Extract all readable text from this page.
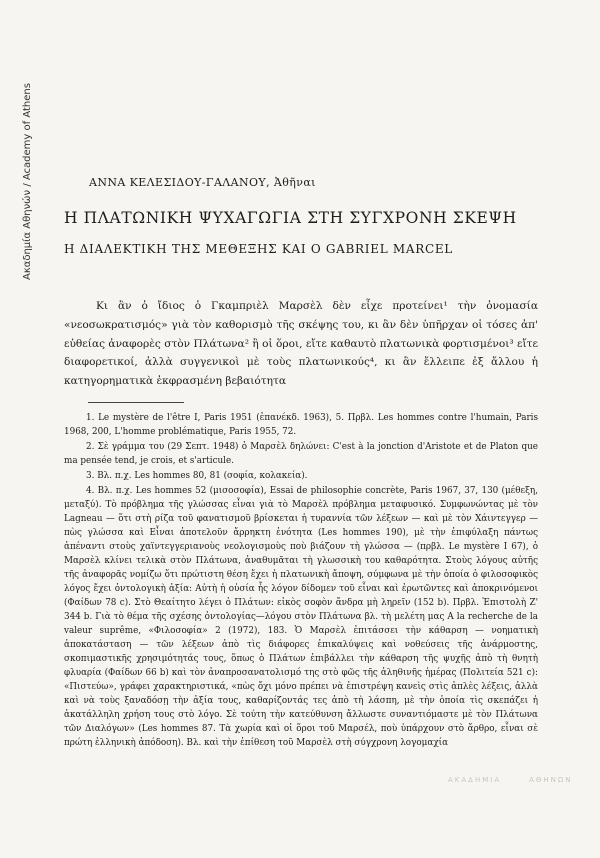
Ακαδημία Αθηνών / Academy of Athens	ΑΝΝΑ ΚΕΛΕΣΙΔΟΥ-ΓΑΛΑΝΟΥ, Ἀθῆναι
Η ΠΛΑΤΩΝΙΚΗ ΨΥΧΑΓΩΓΙΑ ΣΤΗ ΣΥΓΧΡΟΝΗ ΣΚΕΨΗ
Η ΔΙΑΛΕΚΤΙΚΗ ΤΗΣ ΜΕΘΕΞΗΣ ΚΑΙ Ο GABRIEL MARCEL

Κι ἂν ὁ ἴδιος ὁ Γκαμπριὲλ Μαρσὲλ δὲν εἶχε προτείνει¹ τὴν ὀνομασία «νεοσωκρατισμός» γιὰ τὸν καθορισμὸ τῆς σκέψης του, κι ἂν δὲν ὑπῆρχαν οἱ τόσες ἀπ' εὐθείας ἀναφορὲς στὸν Πλάτωνα² ἢ οἱ ὅροι, εἴτε καθαυτὸ πλατωνικὰ φορτισμένοι³ εἴτε διαφορετικοί, ἀλλὰ συγγενικοὶ μὲ τοὺς πλατωνικούς⁴, κι ἂν ἔλλειπε ἐξ ἄλλου ἡ κατηγορηματικὰ ἐκφρασμένη βεβαιότητα

1. Le mystère de l'être I, Paris 1951 (ἐπανέκδ. 1963), 5. Πρβλ. Les hommes contre l'humain, Paris 1968, 200, L'homme problématique, Paris 1955, 72.

2. Σὲ γράμμα του (29 Σεπτ. 1948) ὁ Μαρσὲλ δηλώνει: C'est à la jonction d'Aristote et de Platon que ma pensée tend, je crois, et s'articule.

3. Βλ. π.χ. Les hommes 80, 81 (σοφία, κολακεία).

4. Βλ. π.χ. Les hommes 52 (μισοσοφία), Essai de philosophie concrète, Paris 1967, 37, 130 (μέθεξη, μεταξύ). Τὸ πρόβλημα τῆς γλώσσας εἶναι γιὰ τὸ Μαρσὲλ πρόβλημα μεταφυσικό. Συμφωνώντας μὲ τὸν Lagneau — ὅτι στὴ ρίζα τοῦ φανατισμοῦ βρίσκεται ἡ τυραννία τῶν λέξεων — καὶ μὲ τὸν Χάιντεγγερ — πὼς γλώσσα καὶ Εἶναι ἀποτελοῦν ἄρρηκτη ἑνότητα (Les hommes 190), μὲ τὴν ἐπιφύλαξη πάντως ἀπέναντι στοὺς χαϊντεγγεριανοὺς νεολογισμοὺς ποὺ βιάζουν τὴ γλώσσα — (πρβλ. Le mystère I 67), ὁ Μαρσὲλ κλίνει τελικὰ στὸν Πλάτωνα, ἀναθυμᾶται τὴ γλωσσικὴ του καθαρότητα. Στοὺς λόγους αὐτῆς τῆς ἀναφορᾶς νομίζω ὅτι πρώτιστη θέση ἔχει ἡ πλατωνικὴ ἄποψη, σύμφωνα μὲ τὴν ὁποία ὁ φιλοσοφικὸς λόγος ἔχει ὀντολογικὴ ἀξία: Αὐτὴ ἡ οὐσία ἧς λόγον δίδομεν τοῦ εἶναι καὶ ἐρωτῶντες καὶ ἀποκρινόμενοι (Φαίδων 78 c). Στὸ Θεαίτητο λέγει ὁ Πλάτων: εἰκὸς σοφὸν ἄνδρα μὴ ληρεῖν (152 b). Πρβλ. Ἐπιστολὴ Ζ' 344 b. Γιὰ τὸ θέμα τῆς σχέσης ὀντολογίας—λόγου στὸν Πλάτωνα βλ. τὴ μελέτη μας A la recherche de la valeur suprême, «Φιλοσοφία» 2 (1972), 183. Ὁ Μαρσὲλ ἐπιτάσσει τὴν κάθαρση — νοηματικὴ ἀποκατάσταση — τῶν λέξεων ἀπὸ τὶς διάφορες ἐπικαλύψεις καὶ νοθεύσεις τῆς ἀνάρμοστης, σκοπιμαστικῆς χρησιμότητάς τους, ὅπως ὁ Πλάτων ἐπιβάλλει τὴν κάθαρση τῆς ψυχῆς ἀπὸ τὴ θνητὴ φλυαρία (Φαίδων 66 b) καὶ τὸν ἀναπροσανατολισμό της στὸ φῶς τῆς ἀληθινῆς ἡμέρας (Πολιτεία 521 c): «Πιστεύω», γράφει χαρακτηριστικά, «πὼς ὄχι μόνο πρέπει νὰ ἐπιστρέψη κανεὶς στὶς ἁπλὲς λέξεις, ἀλλὰ καὶ νὰ τοὺς ξαναδόσῃ τὴν ἀξία τους, καθαρίζοντάς τες ἀπὸ τὴ λάσπη, μὲ τὴν ὁποία τὶς σκεπάζει ἡ ἀκατάλληλη χρήση τους στὸ λόγο. Σὲ τούτη τὴν κατεύθυνση ἄλλωστε συναντιόμαστε μὲ τὸν Πλάτωνα τῶν Διαλόγων» (Les hommes 87. Τὰ χωρία καὶ οἱ ὅροι τοῦ Μαρσέλ, ποὺ ὑπάρχουν στὸ ἄρθρο, εἶναι σὲ πρώτη ἑλληνικὴ ἀπόδοση). Βλ. καὶ τὴν ἐπίθεση τοῦ Μαρσὲλ στὴ σύγχρονη λογομαχία

ΑΚΑΔΗΜΙΑ	ΑΘΗΝΩΝ
